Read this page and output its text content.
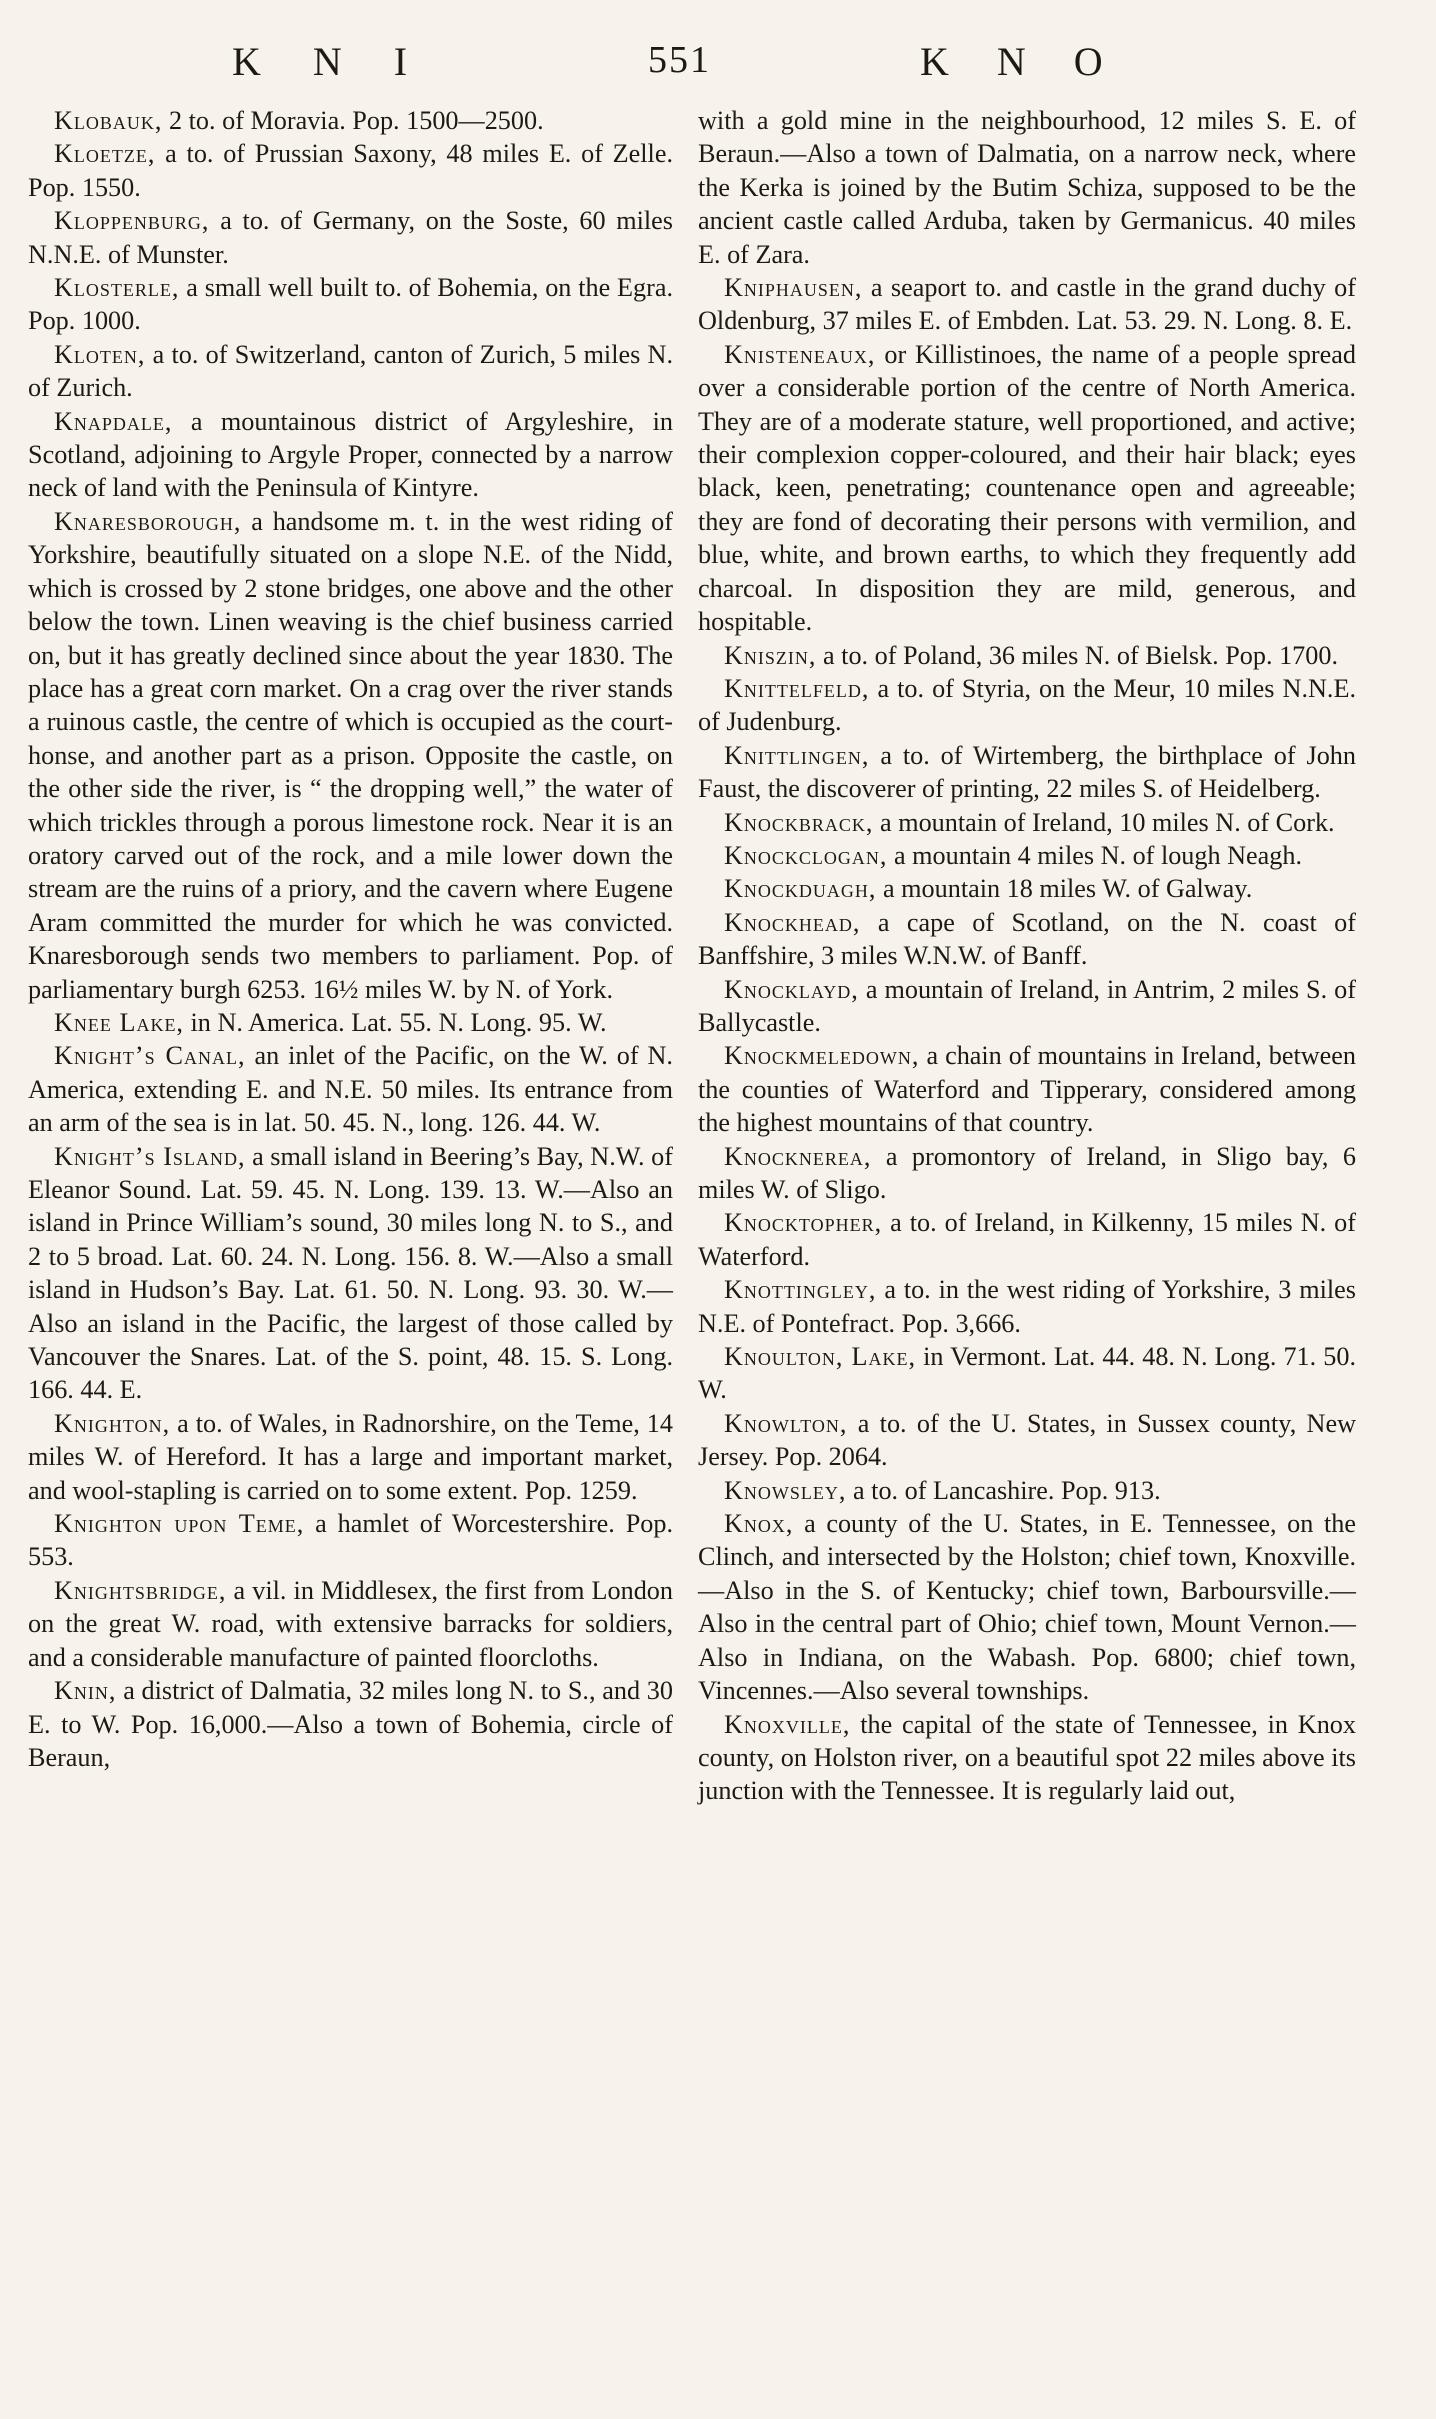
K N I	551	K N O

Klobauk, 2 to. of Moravia. Pop. 1500—2500.

Kloetze, a to. of Prussian Saxony, 48 miles E. of Zelle. Pop. 1550.

Kloppenburg, a to. of Germany, on the Soste, 60 miles N.N.E. of Munster.

Klosterle, a small well built to. of Bohemia, on the Egra. Pop. 1000.

Kloten, a to. of Switzerland, canton of Zurich, 5 miles N. of Zurich.

Knapdale, a mountainous district of Argyleshire, in Scotland, adjoining to Argyle Proper, connected by a narrow neck of land with the Peninsula of Kintyre.

Knaresborough, a handsome m. t. in the west riding of Yorkshire, beautifully situated on a slope N.E. of the Nidd, which is crossed by 2 stone bridges, one above and the other below the town. Linen weaving is the chief business carried on, but it has greatly declined since about the year 1830. The place has a great corn market. On a crag over the river stands a ruinous castle, the centre of which is occupied as the court-honse, and another part as a prison. Opposite the castle, on the other side the river, is “ the dropping well,” the water of which trickles through a porous limestone rock. Near it is an oratory carved out of the rock, and a mile lower down the stream are the ruins of a priory, and the cavern where Eugene Aram committed the murder for which he was convicted. Knaresborough sends two members to parliament. Pop. of parliamentary burgh 6253. 16½ miles W. by N. of York.

Knee Lake, in N. America. Lat. 55. N. Long. 95. W.

Knight’s Canal, an inlet of the Pacific, on the W. of N. America, extending E. and N.E. 50 miles. Its entrance from an arm of the sea is in lat. 50. 45. N., long. 126. 44. W.

Knight’s Island, a small island in Beering’s Bay, N.W. of Eleanor Sound. Lat. 59. 45. N. Long. 139. 13. W.—Also an island in Prince William’s sound, 30 miles long N. to S., and 2 to 5 broad. Lat. 60. 24. N. Long. 156. 8. W.—Also a small island in Hudson’s Bay. Lat. 61. 50. N. Long. 93. 30. W.—Also an island in the Pacific, the largest of those called by Vancouver the Snares. Lat. of the S. point, 48. 15. S. Long. 166. 44. E.

Knighton, a to. of Wales, in Radnorshire, on the Teme, 14 miles W. of Hereford. It has a large and important market, and wool-stapling is carried on to some extent. Pop. 1259.

Knighton upon Teme, a hamlet of Worcestershire. Pop. 553.

Knightsbridge, a vil. in Middlesex, the first from London on the great W. road, with extensive barracks for soldiers, and a considerable manufacture of painted floorcloths.

Knin, a district of Dalmatia, 32 miles long N. to S., and 30 E. to W. Pop. 16,000.—Also a town of Bohemia, circle of Beraun,

with a gold mine in the neighbourhood, 12 miles S. E. of Beraun.—Also a town of Dalmatia, on a narrow neck, where the Kerka is joined by the Butim Schiza, supposed to be the ancient castle called Arduba, taken by Germanicus. 40 miles E. of Zara.

Kniphausen, a seaport to. and castle in the grand duchy of Oldenburg, 37 miles E. of Embden. Lat. 53. 29. N. Long. 8. E.

Knisteneaux, or Killistinoes, the name of a people spread over a considerable portion of the centre of North America. They are of a moderate stature, well proportioned, and active; their complexion copper-coloured, and their hair black; eyes black, keen, penetrating; countenance open and agreeable; they are fond of decorating their persons with vermilion, and blue, white, and brown earths, to which they frequently add charcoal. In disposition they are mild, generous, and hospitable.

Kniszin, a to. of Poland, 36 miles N. of Bielsk. Pop. 1700.

Knittelfeld, a to. of Styria, on the Meur, 10 miles N.N.E. of Judenburg.

Knittlingen, a to. of Wirtemberg, the birthplace of John Faust, the discoverer of printing, 22 miles S. of Heidelberg.

Knockbrack, a mountain of Ireland, 10 miles N. of Cork.

Knockclogan, a mountain 4 miles N. of lough Neagh.

Knockduagh, a mountain 18 miles W. of Galway.

Knockhead, a cape of Scotland, on the N. coast of Banffshire, 3 miles W.N.W. of Banff.

Knocklayd, a mountain of Ireland, in Antrim, 2 miles S. of Ballycastle.

Knockmeledown, a chain of mountains in Ireland, between the counties of Waterford and Tipperary, considered among the highest mountains of that country.

Knocknerea, a promontory of Ireland, in Sligo bay, 6 miles W. of Sligo.

Knocktopher, a to. of Ireland, in Kilkenny, 15 miles N. of Waterford.

Knottingley, a to. in the west riding of Yorkshire, 3 miles N.E. of Pontefract. Pop. 3,666.

Knoulton, Lake, in Vermont. Lat. 44. 48. N. Long. 71. 50. W.

Knowlton, a to. of the U. States, in Sussex county, New Jersey. Pop. 2064.

Knowsley, a to. of Lancashire. Pop. 913.

Knox, a county of the U. States, in E. Tennessee, on the Clinch, and intersected by the Holston; chief town, Knoxville.—Also in the S. of Kentucky; chief town, Barboursville.—Also in the central part of Ohio; chief town, Mount Vernon.—Also in Indiana, on the Wabash. Pop. 6800; chief town, Vincennes.—Also several townships.

Knoxville, the capital of the state of Tennessee, in Knox county, on Holston river, on a beautiful spot 22 miles above its junction with the Tennessee. It is regularly laid out,
